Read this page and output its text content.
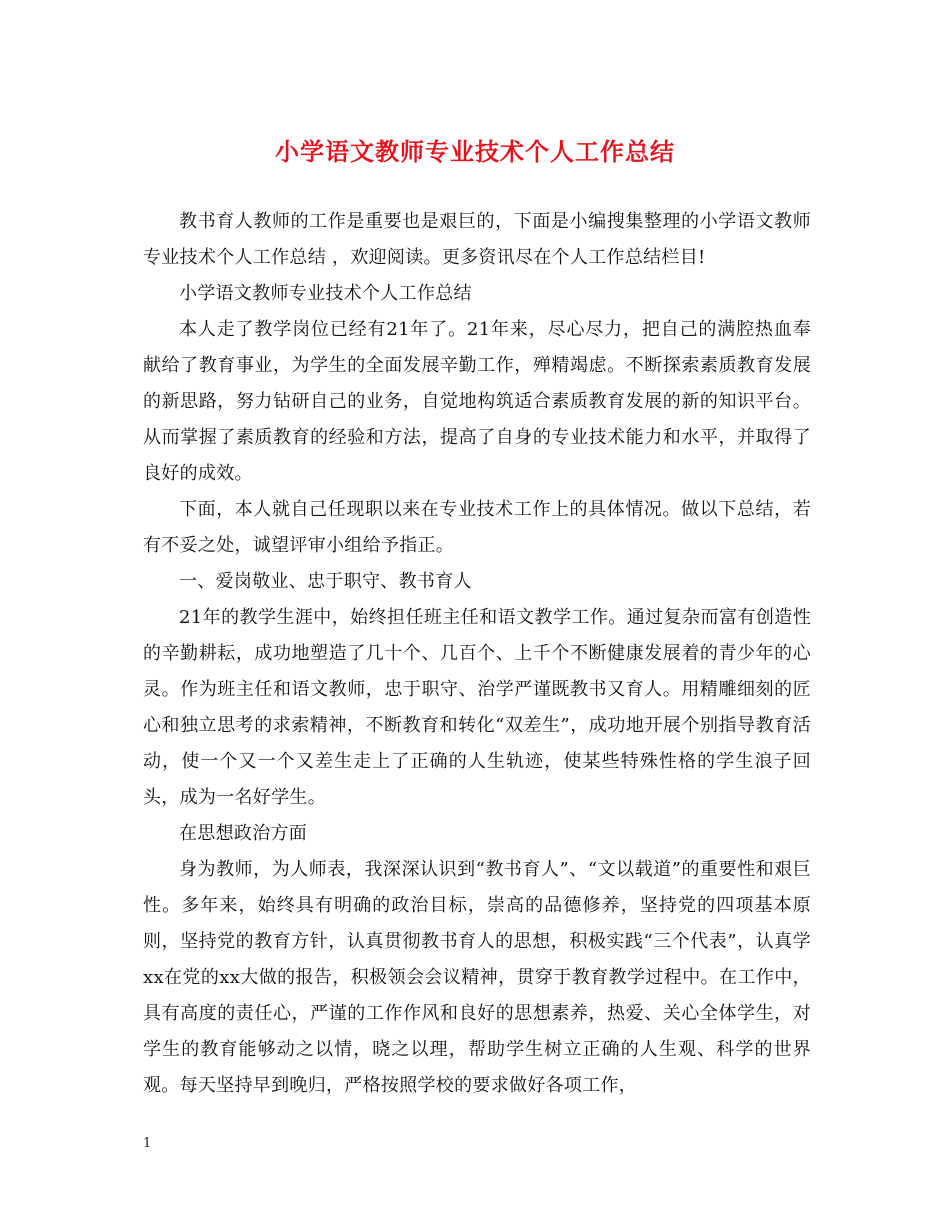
小学语文教师专业技术个人工作总结

教书育人教师的工作是重要也是艰巨的，下面是小编搜集整理的小学语文教师专业技术个人工作总结 ，欢迎阅读。更多资讯尽在个人工作总结栏目!

小学语文教师专业技术个人工作总结

本人走了教学岗位已经有21年了。21年来，尽心尽力，把自己的满腔热血奉献给了教育事业，为学生的全面发展辛勤工作，殚精竭虑。不断探索素质教育发展的新思路，努力钻研自己的业务，自觉地构筑适合素质教育发展的新的知识平台。从而掌握了素质教育的经验和方法，提高了自身的专业技术能力和水平，并取得了良好的成效。

下面，本人就自己任现职以来在专业技术工作上的具体情况。做以下总结，若有不妥之处，诚望评审小组给予指正。

一、爱岗敬业、忠于职守、教书育人

21年的教学生涯中，始终担任班主任和语文教学工作。通过复杂而富有创造性的辛勤耕耘，成功地塑造了几十个、几百个、上千个不断健康发展着的青少年的心灵。作为班主任和语文教师，忠于职守、治学严谨既教书又育人。用精雕细刻的匠心和独立思考的求索精神，不断教育和转化“双差生”，成功地开展个别指导教育活动，使一个又一个又差生走上了正确的人生轨迹，使某些特殊性格的学生浪子回头，成为一名好学生。

在思想政治方面

身为教师，为人师表，我深深认识到“教书育人”、“文以载道”的重要性和艰巨性。多年来，始终具有明确的政治目标，崇高的品德修养，坚持党的四项基本原则，坚持党的教育方针，认真贯彻教书育人的思想，积极实践“三个代表”，认真学xx在党的xx大做的报告，积极领会会议精神，贯穿于教育教学过程中。在工作中，具有高度的责任心，严谨的工作作风和良好的思想素养，热爱、关心全体学生，对学生的教育能够动之以情，晓之以理，帮助学生树立正确的人生观、科学的世界观。每天坚持早到晚归，严格按照学校的要求做好各项工作，

1
